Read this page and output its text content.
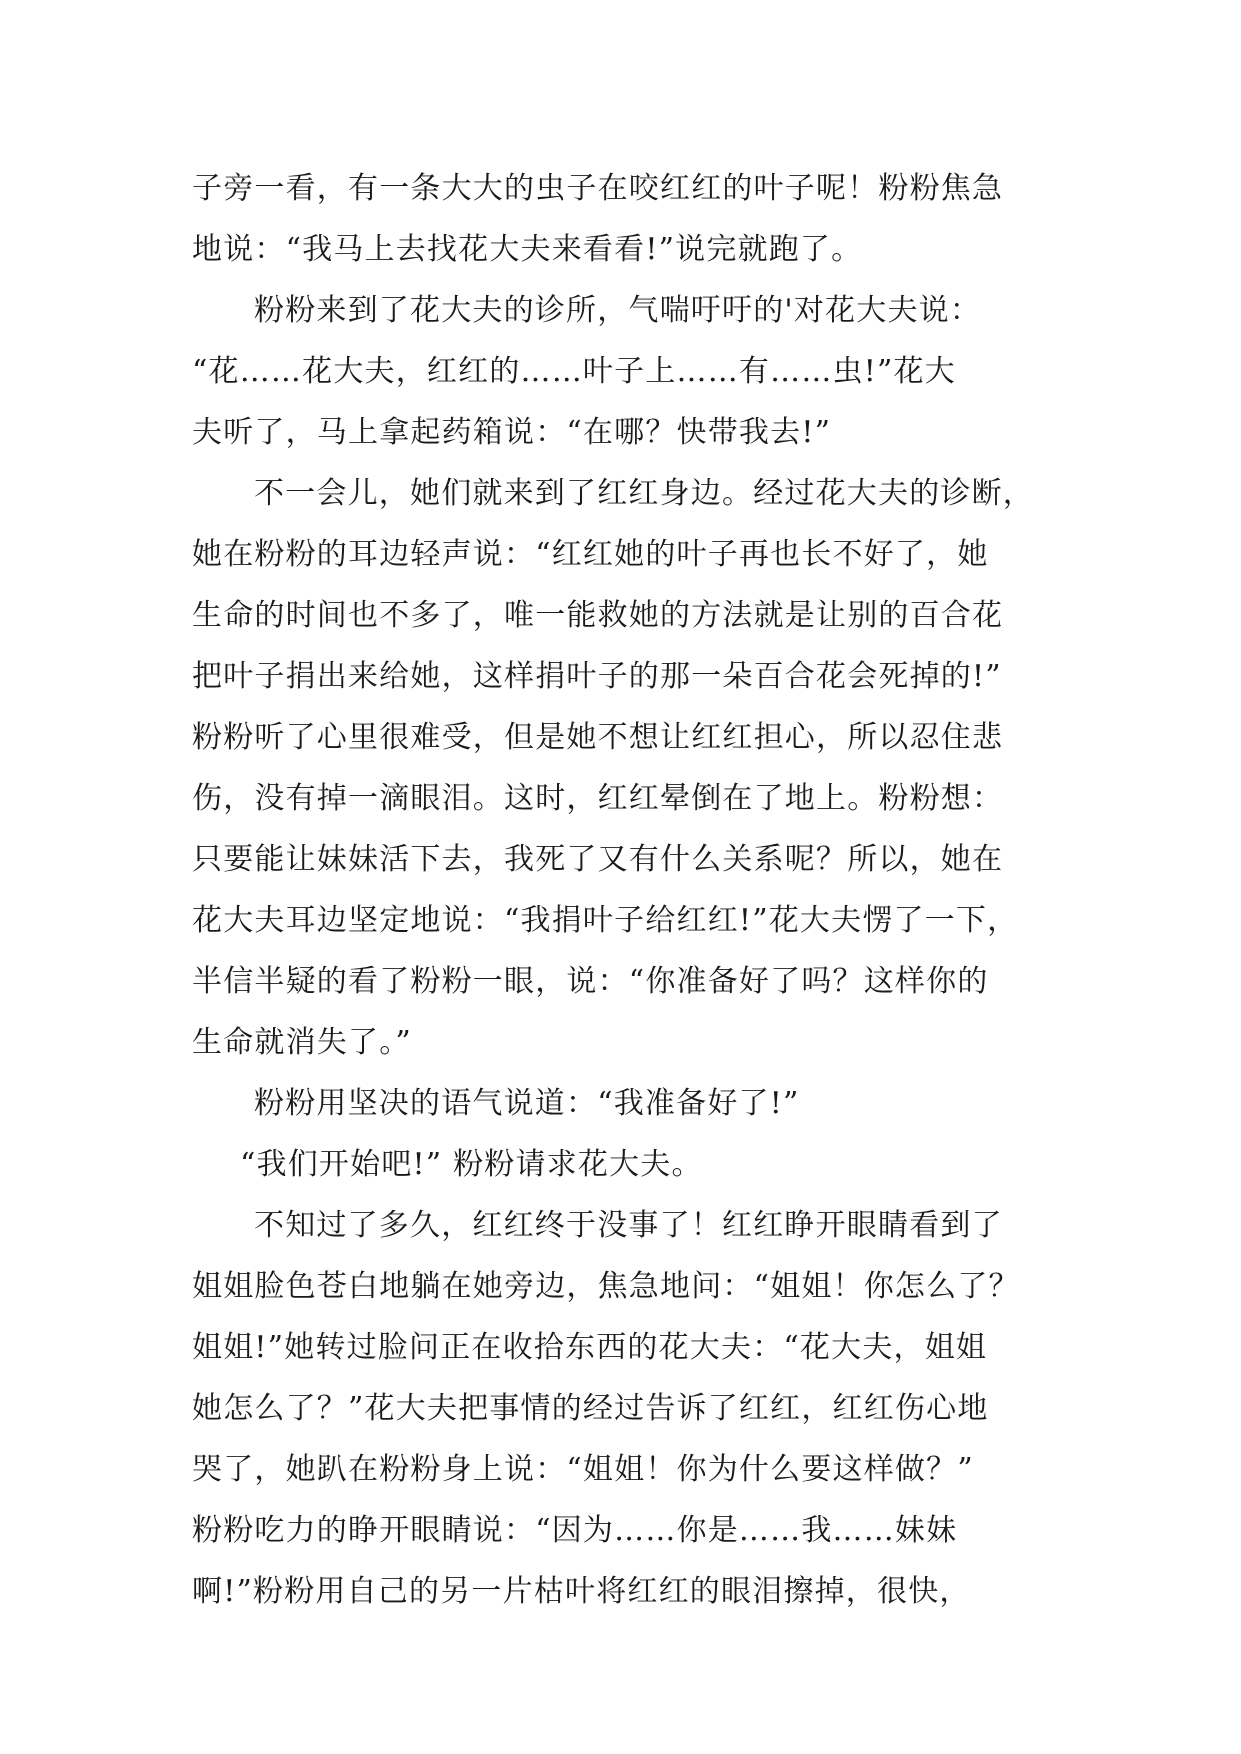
子旁一看，有一条大大的虫子在咬红红的叶子呢！粉粉焦急
地说：“我马上去找花大夫来看看!”说完就跑了。
粉粉来到了花大夫的诊所，气喘吁吁的'对花大夫说：
“花……花大夫，红红的……叶子上……有……虫!”花大
夫听了，马上拿起药箱说：“在哪？快带我去!”
不一会儿，她们就来到了红红身边。经过花大夫的诊断，
她在粉粉的耳边轻声说：“红红她的叶子再也长不好了，她
生命的时间也不多了，唯一能救她的方法就是让别的百合花
把叶子捐出来给她，这样捐叶子的那一朵百合花会死掉的!”
粉粉听了心里很难受，但是她不想让红红担心，所以忍住悲
伤，没有掉一滴眼泪。这时，红红晕倒在了地上。粉粉想：
只要能让妹妹活下去，我死了又有什么关系呢？所以，她在
花大夫耳边坚定地说：“我捐叶子给红红!”花大夫愣了一下，
半信半疑的看了粉粉一眼，说：“你准备好了吗？这样你的
生命就消失了。”
粉粉用坚决的语气说道：“我准备好了!”
“我们开始吧!” 粉粉请求花大夫。
不知过了多久，红红终于没事了！红红睁开眼睛看到了
姐姐脸色苍白地躺在她旁边，焦急地问：“姐姐！你怎么了？
姐姐!”她转过脸问正在收拾东西的花大夫：“花大夫，姐姐
她怎么了？”花大夫把事情的经过告诉了红红，红红伤心地
哭了，她趴在粉粉身上说：“姐姐！你为什么要这样做？”
粉粉吃力的睁开眼睛说：“因为……你是……我……妹妹
啊!”粉粉用自己的另一片枯叶将红红的眼泪擦掉，很快，
